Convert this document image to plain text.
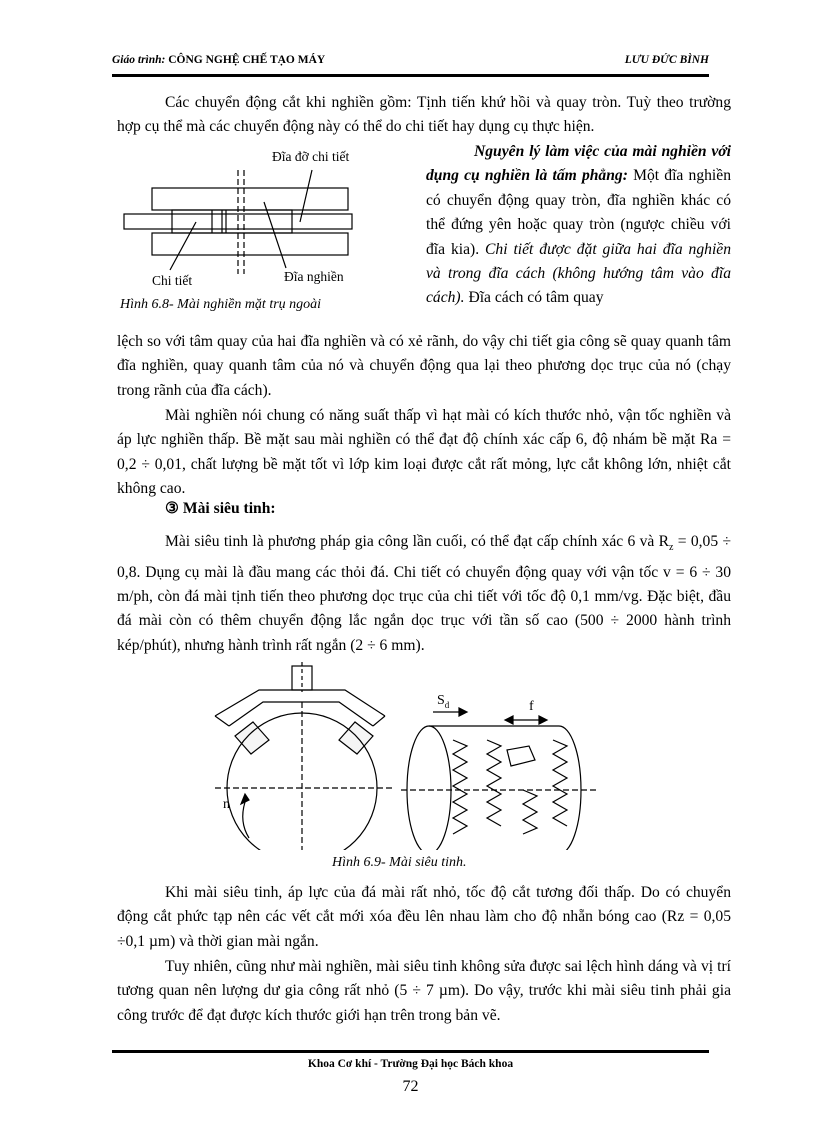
Giáo trình: CÔNG NGHỆ CHẾ TẠO MÁY	LƯU ĐỨC BÌNH

Các chuyển động cắt khi nghiền gồm: Tịnh tiến khứ hồi và quay tròn. Tuỳ theo trường hợp cụ thể mà các chuyển động này có thể do chi tiết hay dụng cụ thực hiện.

Đĩa đỡ chi tiết
Chi tiết	Đĩa nghiền
Hình 6.8- Mài nghiền mặt trụ ngoài

Nguyên lý làm việc của mài nghiền với dụng cụ nghiền là tấm phẳng: Một đĩa nghiền có chuyển động quay tròn, đĩa nghiền khác có thể đứng yên hoặc quay tròn (ngược chiều với đĩa kia). Chi tiết được đặt giữa hai đĩa nghiền và trong đĩa cách (không hướng tâm vào đĩa cách). Đĩa cách có tâm quay

lệch so với tâm quay của hai đĩa nghiền và có xẻ rãnh, do vậy chi tiết gia công sẽ quay quanh tâm đĩa nghiền, quay quanh tâm của nó và chuyển động qua lại theo phương dọc trục của nó (chạy trong rãnh của đĩa cách).

Mài nghiền nói chung có năng suất thấp vì hạt mài có kích thước nhỏ, vận tốc nghiền và áp lực nghiền thấp. Bề mặt sau mài nghiền có thể đạt độ chính xác cấp 6, độ nhám bề mặt Ra = 0,2 ÷ 0,01, chất lượng bề mặt tốt vì lớp kim loại được cắt rất mỏng, lực cắt không lớn, nhiệt cắt không cao.

③ Mài siêu tinh:

Mài siêu tinh là phương pháp gia công lần cuối, có thể đạt cấp chính xác 6 và $R_z = 0,05 \div 0,8$. Dụng cụ mài là đầu mang các thỏi đá. Chi tiết có chuyển động quay với vận tốc v = 6 ÷ 30 m/ph, còn đá mài tịnh tiến theo phương dọc trục của chi tiết với tốc độ 0,1 mm/vg. Đặc biệt, đầu đá mài còn có thêm chuyển động lắc ngắn dọc trục với tần số cao (500 ÷ 2000 hành trình kép/phút), nhưng hành trình rất ngắn (2 ÷ 6 mm).

n
$S_d$	f
Hình 6.9- Mài siêu tinh.

Khi mài siêu tinh, áp lực của đá mài rất nhỏ, tốc độ cắt tương đối thấp. Do có chuyển động cắt phức tạp nên các vết cắt mới xóa đều lên nhau làm cho độ nhẵn bóng cao (Rz = 0,05 ÷0,1 µm) và thời gian mài ngắn.

Tuy nhiên, cũng như mài nghiền, mài siêu tinh không sửa được sai lệch hình dáng và vị trí tương quan nên lượng dư gia công rất nhỏ (5 ÷ 7 µm). Do vậy, trước khi mài siêu tinh phải gia công trước để đạt được kích thước giới hạn trên trong bản vẽ.

Khoa Cơ khí - Trường Đại học Bách khoa
72
